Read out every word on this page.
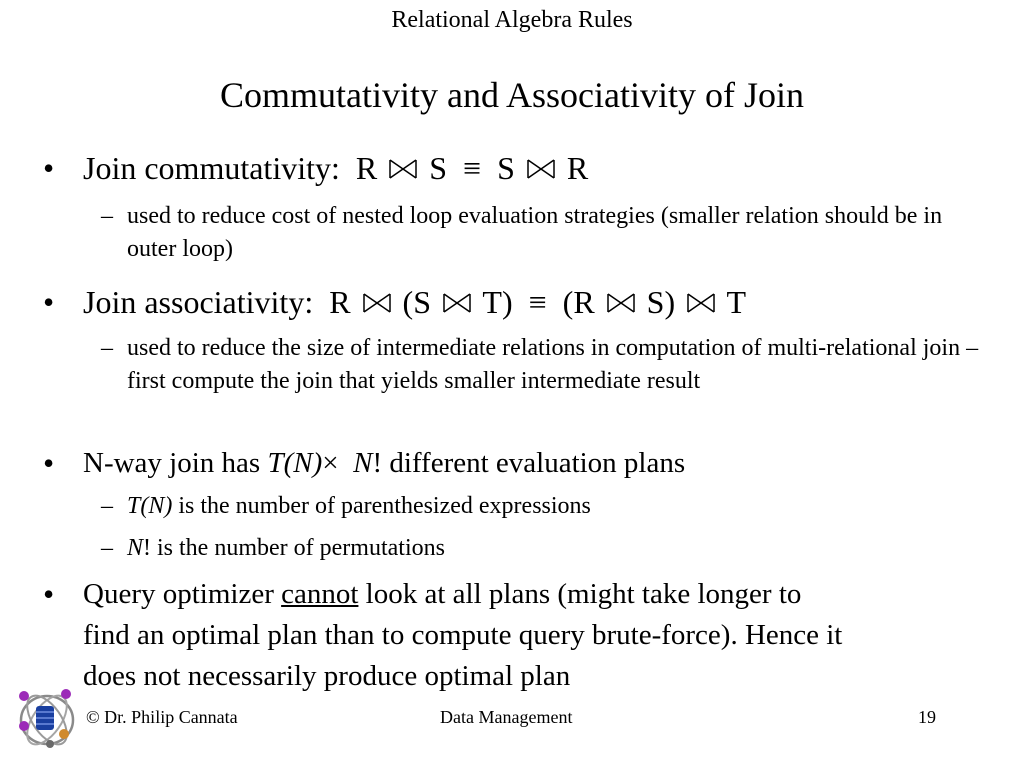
Relational Algebra Rules
Commutativity and Associativity of Join
• Join commutativity: R S ≡ S R
– used to reduce cost of nested loop evaluation strategies (smaller relation should be in outer loop)
• Join associativity: R (S T) ≡ (R S) T
– used to reduce the size of intermediate relations in computation of multi-relational join – first compute the join that yields smaller intermediate result
• N-way join has T(N)× N! different evaluation plans
– T(N) is the number of parenthesized expressions
– N! is the number of permutations
• Query optimizer cannot look at all plans (might take longer to
find an optimal plan than to compute query brute-force). Hence it
does not necessarily produce optimal plan
© Dr. Philip Cannata	Data Management	19
